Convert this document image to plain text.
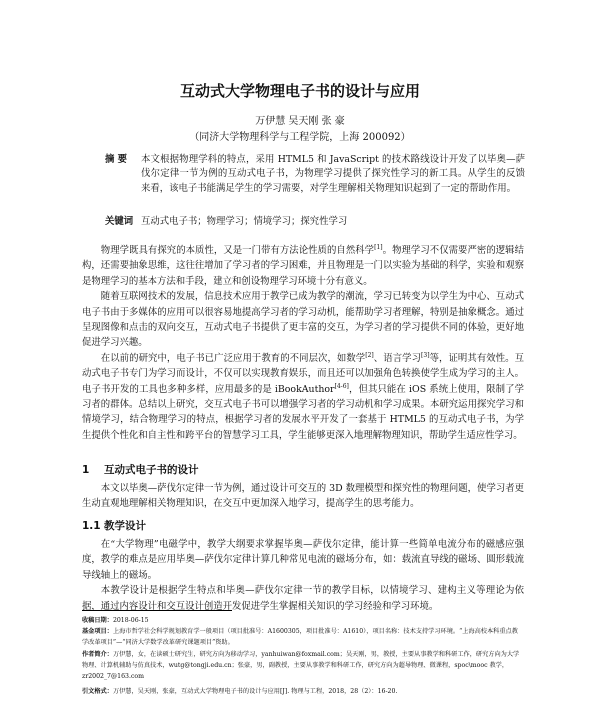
互动式大学物理电子书的设计与应用
万伊慧 吴天刚 张 豪
（同济大学物理科学与工程学院，上海 200092）
摘 要 本文根据物理学科的特点，采用 HTML5 和 JavaScript 的技术路线设计开发了以毕奥—萨伐尔定律一节为例的互动式电子书，为物理学习提供了探究性学习的新工具。从学生的反馈来看，该电子书能满足学生的学习需要，对学生理解相关物理知识起到了一定的帮助作用。
关键词 互动式电子书；物理学习；情境学习；探究性学习

物理学既具有探究的本质性，又是一门带有方法论性质的自然科学[1]。物理学习不仅需要严密的逻辑结构，还需要抽象思维，这往往增加了学习者的学习困难，并且物理是一门以实验为基础的科学，实验和观察是物理学习的基本方法和手段，建立和创设物理学习环境十分有意义。

随着互联网技术的发展，信息技术应用于教学已成为教学的潮流，学习已转变为以学生为中心、互动式电子书由于多媒体的应用可以很容易地提高学习者的学习动机，能帮助学习者理解，特别是抽象概念。通过呈现图像和点击的双向交互，互动式电子书提供了更丰富的交互，为学习者的学习提供不同的体验，更好地促进学习兴趣。

在以前的研究中，电子书已广泛应用于教育的不同层次，如数学[2]、语言学习[3]等，证明其有效性。互动式电子书专门为学习而设计，不仅可以实现教育娱乐，而且还可以加强角色转换使学生成为学习的主人。电子书开发的工具也多种多样，应用最多的是 iBookAuthor[4-6]，但其只能在 iOS 系统上使用，限制了学习者的群体。总结以上研究，交互式电子书可以增强学习者的学习动机和学习成果。本研究运用探究学习和情境学习，结合物理学习的特点，根据学习者的发展水平开发了一套基于 HTML5 的互动式电子书，为学生提供个性化和自主性和跨平台的智慧学习工具，学生能够更深入地理解物理知识，帮助学生适应性学习。

1 互动式电子书的设计

本文以毕奥—萨伐尔定律一节为例，通过设计可交互的 3D 数理模型和探究性的物理问题，使学习者更生动直观地理解相关物理知识，在交互中更加深入地学习，提高学生的思考能力。

1.1 教学设计

在“大学物理”电磁学中，教学大纲要求掌握毕奥—萨伐尔定律，能计算一些简单电流分布的磁感应强度，教学的难点是应用毕奥—萨伐尔定律计算几种常见电流的磁场分布，如：载流直导线的磁场、圆形载流导线轴上的磁场。

本教学设计是根据学生特点和毕奥—萨伐尔定律一节的教学目标，以情境学习、建构主义等理论为依据，通过内容设计和交互设计创造开发促进学生掌握相关知识的学习经验和学习环境。

收稿日期：2018-06-15
基金项目：上海市哲学社会科学规划教育学一般项目（项目批准号：A1600305，项目批准号：A1610），项目名称：技术支持学习环境。“上海高校本科重点教学改革项目”—“同济大学数学改革研究课题项目”资助。
作者简介：万伊慧，女，在读硕士研究生，研究方向为移动学习，yanhuiwan@foxmail.com；吴天刚，男，教授，主要从事教学和科研工作，研究方向为大学物理、计算机辅助与仿真技术，wutg@tongji.edu.cn；张豪，男，副教授，主要从事教学和科研工作，研究方向为超导物理、微课程，spoc\mooc 教学，zr2002_7@163.com
引文格式：万伊慧，吴天刚，张豪，互动式大学物理电子书的设计与应用[J]. 物理与工程，2018，28（2）：16-20.
